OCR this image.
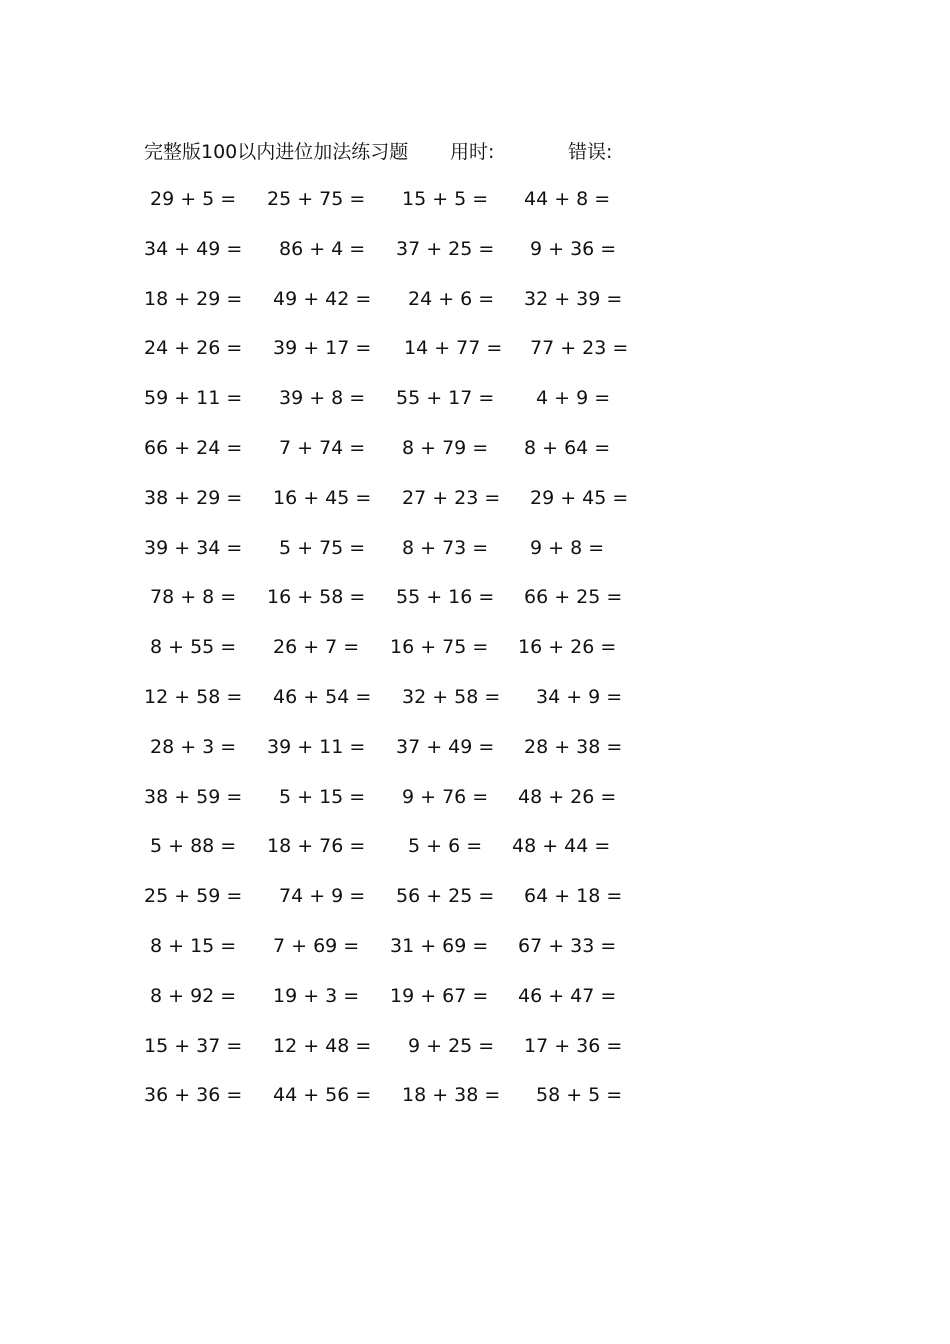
完整版100以内进位加法练习题 用时:	错误:
29 + 5 = 25 + 75 = 15 + 5 = 44 + 8 =
34 + 49 = 86 + 4 = 37 + 25 = 9 + 36 =
18 + 29 = 49 + 42 = 24 + 6 = 32 + 39 =
24 + 26 = 39 + 17 = 14 + 77 = 77 + 23 =
59 + 11 = 39 + 8 = 55 + 17 = 4 + 9 =
66 + 24 = 7 + 74 = 8 + 79 = 8 + 64 =
38 + 29 = 16 + 45 = 27 + 23 = 29 + 45 =
39 + 34 = 5 + 75 = 8 + 73 = 9 + 8 =
78 + 8 = 16 + 58 = 55 + 16 = 66 + 25 =
8 + 55 = 26 + 7 = 16 + 75 = 16 + 26 =
12 + 58 = 46 + 54 = 32 + 58 = 34 + 9 =
28 + 3 = 39 + 11 = 37 + 49 = 28 + 38 =
38 + 59 = 5 + 15 = 9 + 76 = 48 + 26 =
5 + 88 = 18 + 76 = 5 + 6 = 48 + 44 =
25 + 59 = 74 + 9 = 56 + 25 = 64 + 18 =
8 + 15 = 7 + 69 = 31 + 69 = 67 + 33 =
8 + 92 = 19 + 3 = 19 + 67 = 46 + 47 =
15 + 37 = 12 + 48 = 9 + 25 = 17 + 36 =
36 + 36 = 44 + 56 = 18 + 38 = 58 + 5 =
